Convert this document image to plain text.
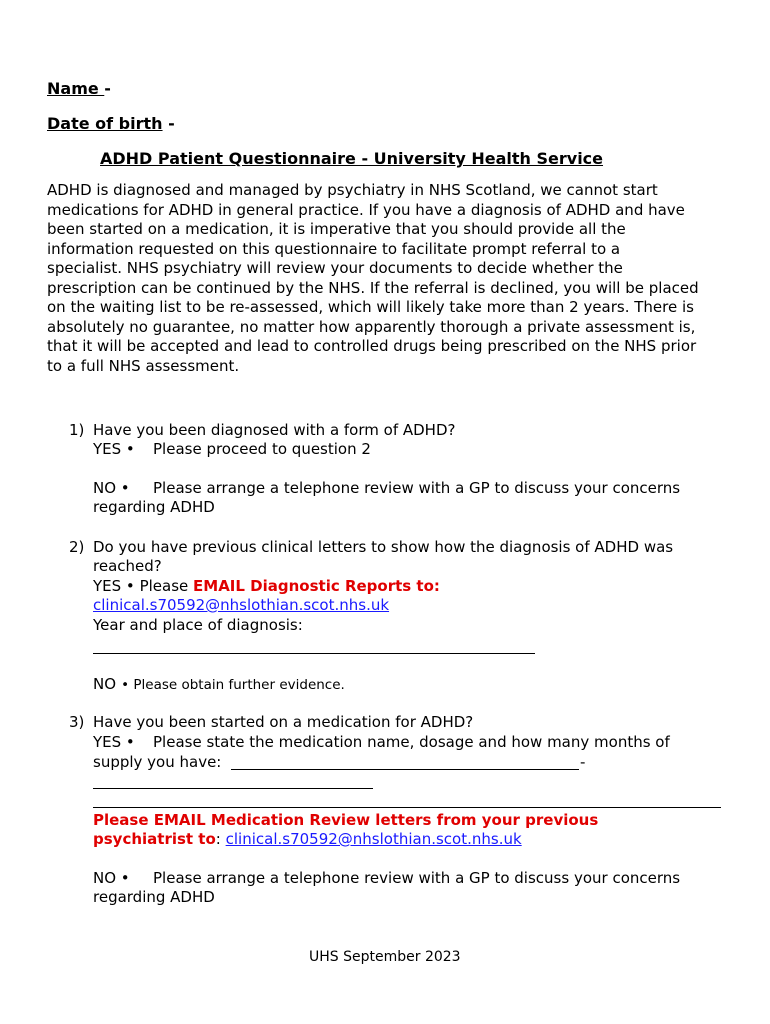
Name -
Date of birth -
ADHD Patient Questionnaire - University Health Service
ADHD is diagnosed and managed by psychiatry in NHS Scotland, we cannot start
medications for ADHD in general practice. If you have a diagnosis of ADHD and have
been started on a medication, it is imperative that you should provide all the
information requested on this questionnaire to facilitate prompt referral to a
specialist. NHS psychiatry will review your documents to decide whether the
prescription can be continued by the NHS. If the referral is declined, you will be placed
on the waiting list to be re-assessed, which will likely take more than 2 years. There is
absolutely no guarantee, no matter how apparently thorough a private assessment is,
that it will be accepted and lead to controlled drugs being prescribed on the NHS prior
to a full NHS assessment.
1) Have you been diagnosed with a form of ADHD?
YES • Please proceed to question 2
NO • Please arrange a telephone review with a GP to discuss your concerns
regarding ADHD
2) Do you have previous clinical letters to show how the diagnosis of ADHD was
reached?
YES • Please EMAIL Diagnostic Reports to:
clinical.s70592@nhslothian.scot.nhs.uk
Year and place of diagnosis:
NO • Please obtain further evidence.
3) Have you been started on a medication for ADHD?
YES • Please state the medication name, dosage and how many months of
supply you have:	-
Please EMAIL Medication Review letters from your previous
psychiatrist to: clinical.s70592@nhslothian.scot.nhs.uk
NO • Please arrange a telephone review with a GP to discuss your concerns
regarding ADHD
UHS September 2023
